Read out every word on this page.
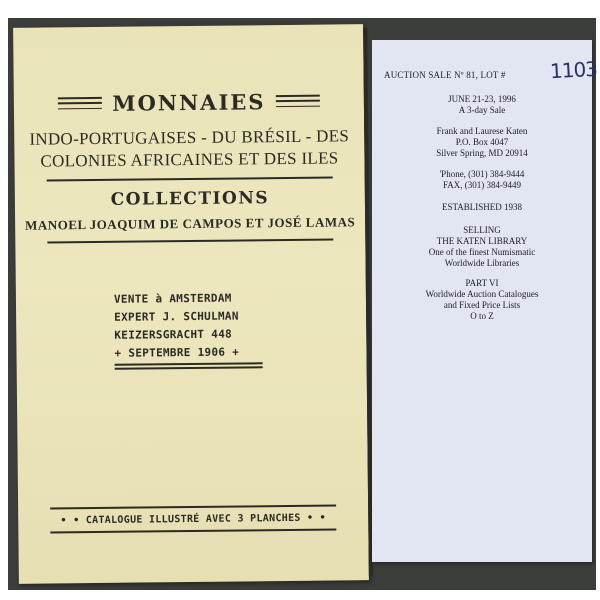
MONNAIES
INDO-PORTUGAISES - DU BRÉSIL - DES
COLONIES AFRICAINES ET DES ILES
COLLECTIONS
MANOEL JOAQUIM DE CAMPOS ET JOSÉ LAMAS
VENTE à AMSTERDAM
EXPERT J. SCHULMAN
KEIZERSGRACHT 448
+ SEPTEMBRE 1906 +
• • CATALOGUE ILLUSTRÉ AVEC 3 PLANCHES • •
AUCTION SALE Nº 81, LOT #	1103
JUNE 21-23, 1996
A 3-day Sale
Frank and Laurese Katen
P.O. Box 4047
Silver Spring, MD 20914
'Phone, (301) 384-9444
FAX, (301) 384-9449
ESTABLISHED 1938
SELLING
THE KATEN LIBRARY
One of the finest Numismatic
Worldwide Libraries
PART VI
Worldwide Auction Catalogues
and Fixed Price Lists
O to Z
